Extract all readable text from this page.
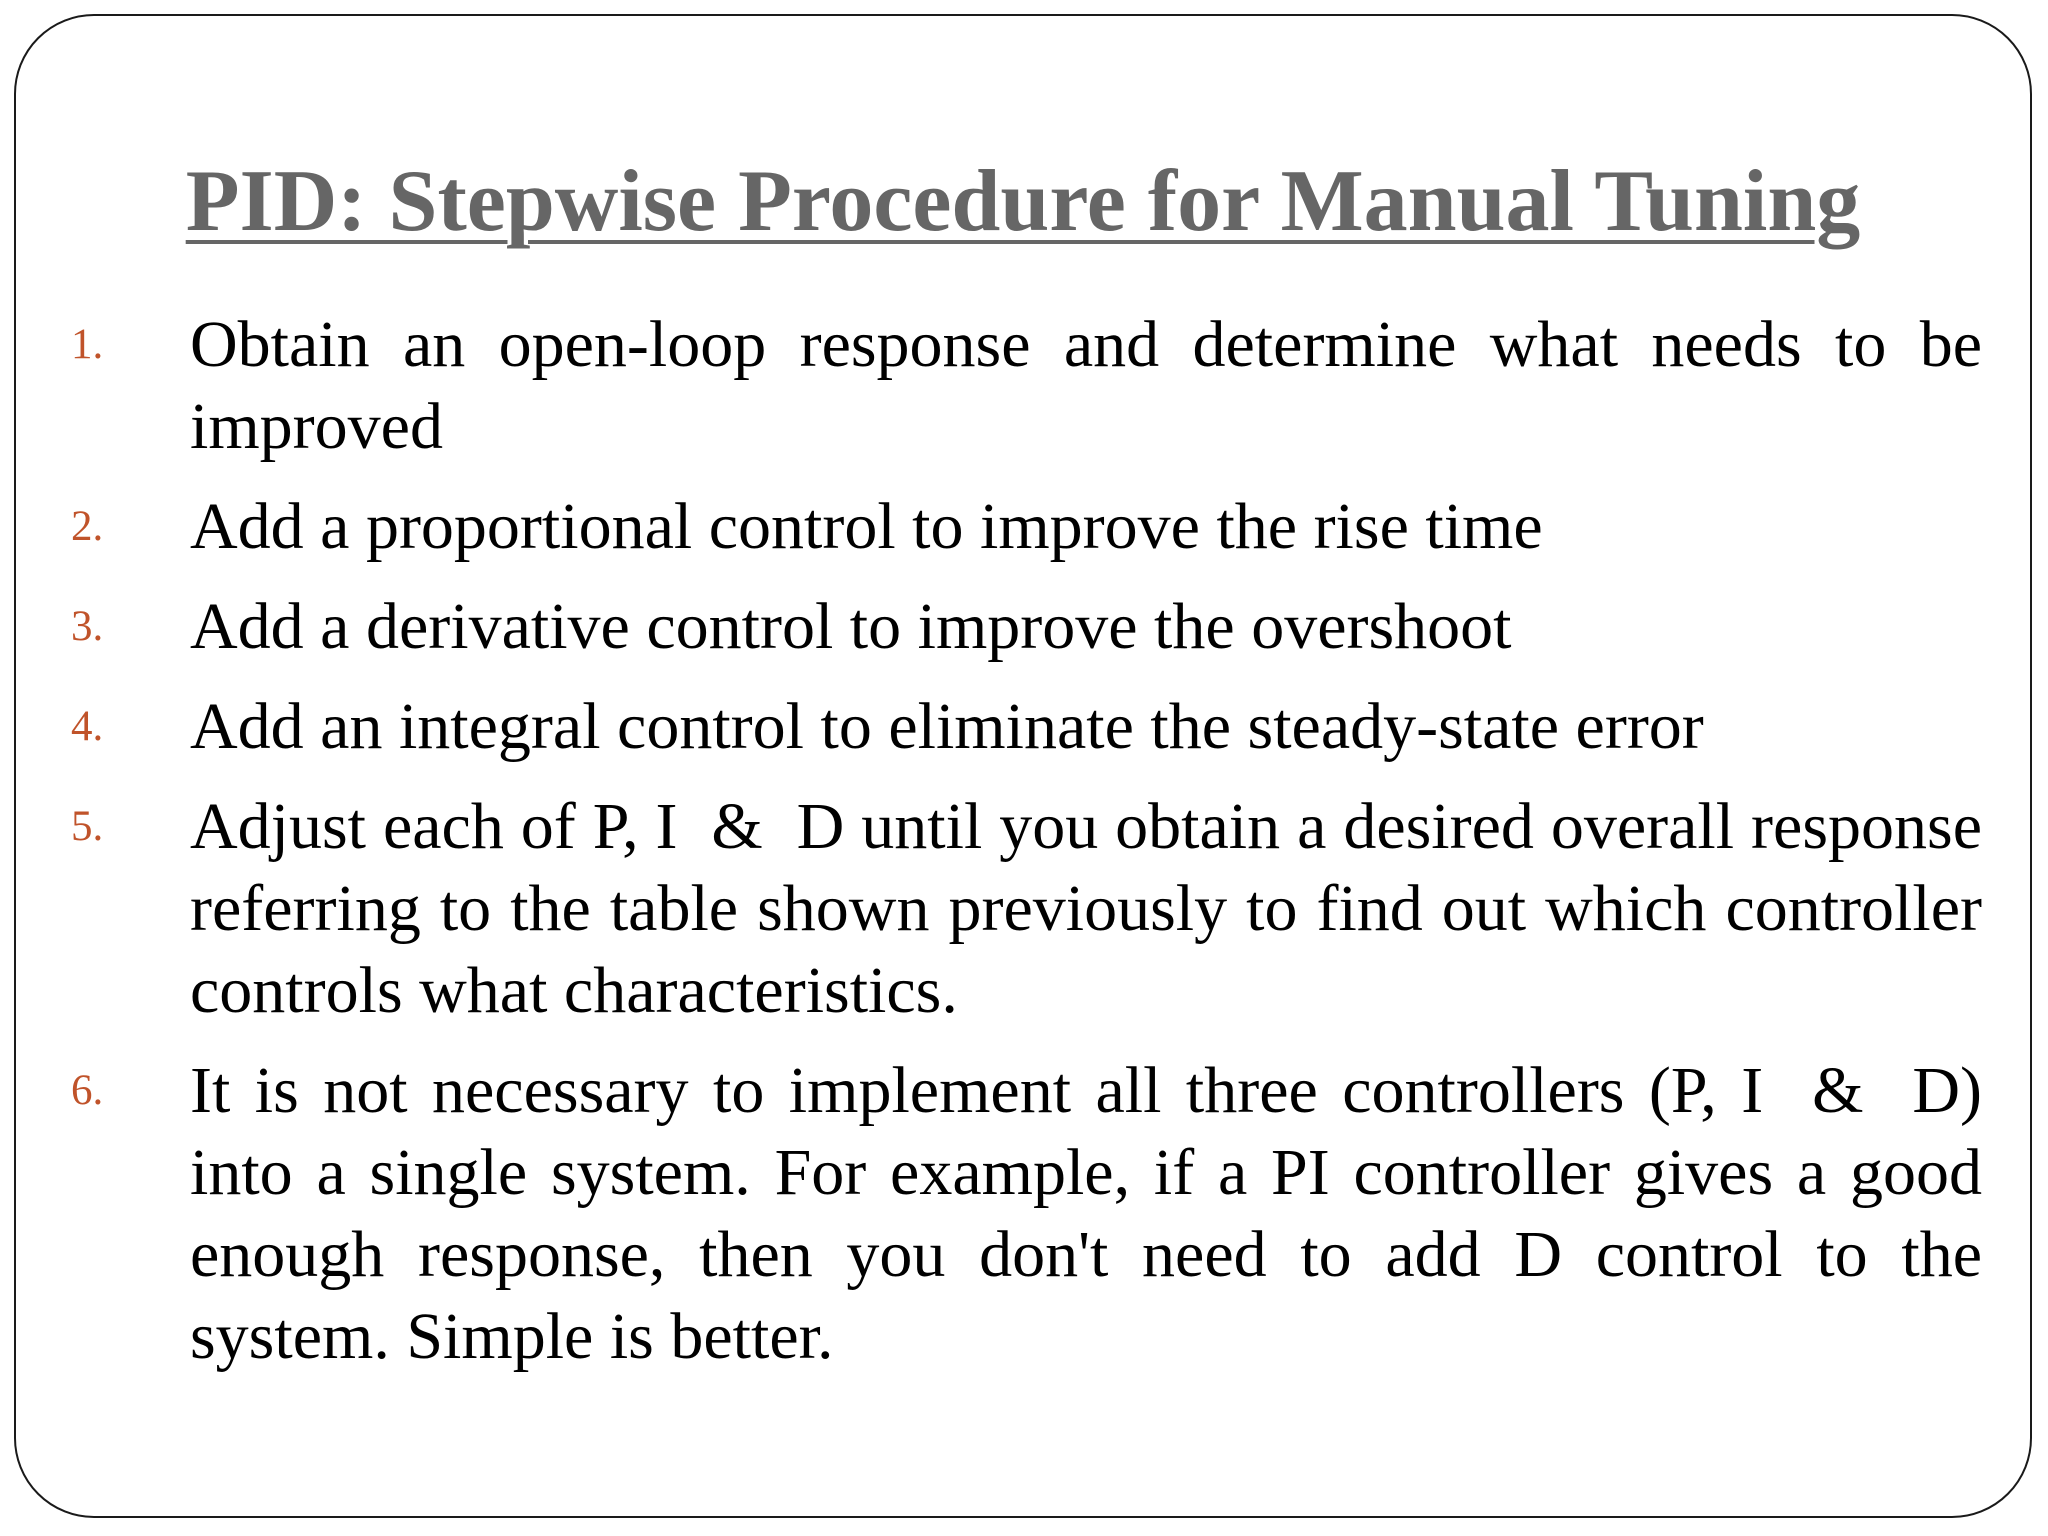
PID: Stepwise Procedure for Manual Tuning
1. Obtain an open-loop response and determine what needs to be improved
2. Add a proportional control to improve the rise time
3. Add a derivative control to improve the overshoot
4. Add an integral control to eliminate the steady-state error
5. Adjust each of P, I  &  D until you obtain a desired overall response referring to the table shown previously to find out which controller controls what characteristics.
6. It is not necessary to implement all three controllers (P, I  &  D) into a single system. For example, if a PI controller gives a good enough response, then you don't need to add D control to the system. Simple is better.
